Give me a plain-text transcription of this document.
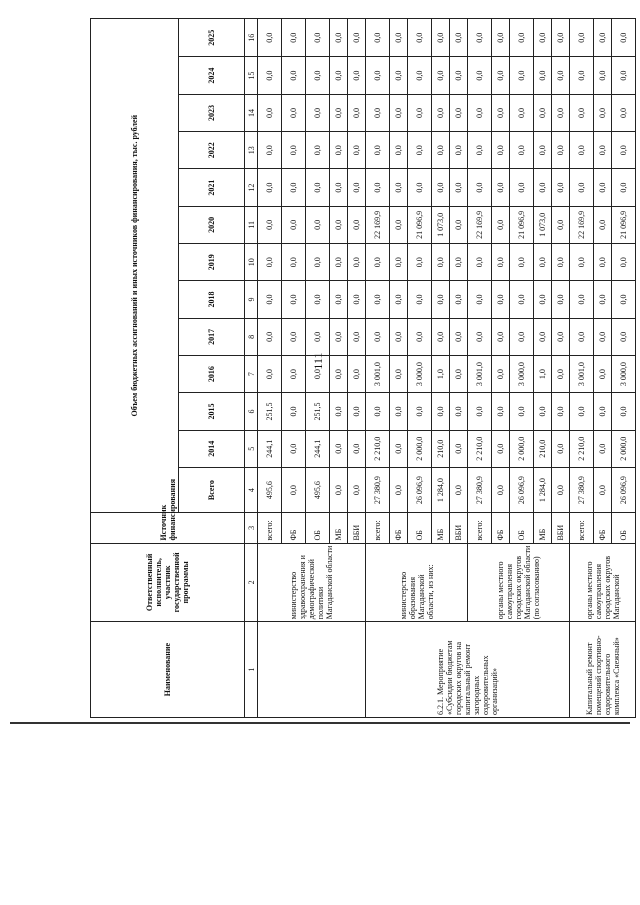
111
Наименование	Ответственный исполнитель, участник государственной программы	Источник финансирования	Объем бюджетных ассигнований и иных источников финансирования, тыс. рублей												
			Всего	2014	2015	2016	2017	2018	2019	2020	2021	2022	2023	2024	2025
1	2	3	4	5	6	7	8	9	10	11	12	13	14	15	16
	министерство здравоохранения и демографической политики Магаданской области	всего:	495,6	244,1	251,5	0,0	0,0	0,0	0,0	0,0	0,0	0,0	0,0	0,0	0,0
		ФБ	0,0	0,0	0,0	0,0	0,0	0,0	0,0	0,0	0,0	0,0	0,0	0,0	0,0
		ОБ	495,6	244,1	251,5	0,0	0,0	0,0	0,0	0,0	0,0	0,0	0,0	0,0	0,0
		МБ	0,0	0,0	0,0	0,0	0,0	0,0	0,0	0,0	0,0	0,0	0,0	0,0	0,0
		ВБИ	0,0	0,0	0,0	0,0	0,0	0,0	0,0	0,0	0,0	0,0	0,0	0,0	0,0
6.2.1. Мероприятие «Субсидии бюджетам городских округов на капитальный ремонт загородных оздоровительных организаций»	министерство образования Магаданской области, из них:	всего:	27 380,9	2 210,0	0,0	3 001,0	0,0	0,0	0,0	22 169,9	0,0	0,0	0,0	0,0	0,0
		ФБ	0,0	0,0	0,0	0,0	0,0	0,0	0,0	0,0	0,0	0,0	0,0	0,0	0,0
		ОБ	26 096,9	2 000,0	0,0	3 000,0	0,0	0,0	0,0	21 096,9	0,0	0,0	0,0	0,0	0,0
		МБ	1 284,0	210,0	0,0	1,0	0,0	0,0	0,0	1 073,0	0,0	0,0	0,0	0,0	0,0
		ВБИ	0,0	0,0	0,0	0,0	0,0	0,0	0,0	0,0	0,0	0,0	0,0	0,0	0,0
	органы местного самоуправления городских округов Магаданской области (по согласованию)	всего:	27 380,9	2 210,0	0,0	3 001,0	0,0	0,0	0,0	22 169,9	0,0	0,0	0,0	0,0	0,0
		ФБ	0,0	0,0	0,0	0,0	0,0	0,0	0,0	0,0	0,0	0,0	0,0	0,0	0,0
		ОБ	26 096,9	2 000,0	0,0	3 000,0	0,0	0,0	0,0	21 096,9	0,0	0,0	0,0	0,0	0,0
		МБ	1 284,0	210,0	0,0	1,0	0,0	0,0	0,0	1 073,0	0,0	0,0	0,0	0,0	0,0
		ВБИ	0,0	0,0	0,0	0,0	0,0	0,0	0,0	0,0	0,0	0,0	0,0	0,0	0,0
Капитальный ремонт помещений спортивно-оздоровительного комплекса «Снежный»	органы местного самоуправления городских округов Магаданской	всего:	27 380,9	2 210,0	0,0	3 001,0	0,0	0,0	0,0	22 169,9	0,0	0,0	0,0	0,0	0,0
		ФБ	0,0	0,0	0,0	0,0	0,0	0,0	0,0	0,0	0,0	0,0	0,0	0,0	0,0
		ОБ	26 096,9	2 000,0	0,0	3 000,0	0,0	0,0	0,0	21 096,9	0,0	0,0	0,0	0,0	0,0
